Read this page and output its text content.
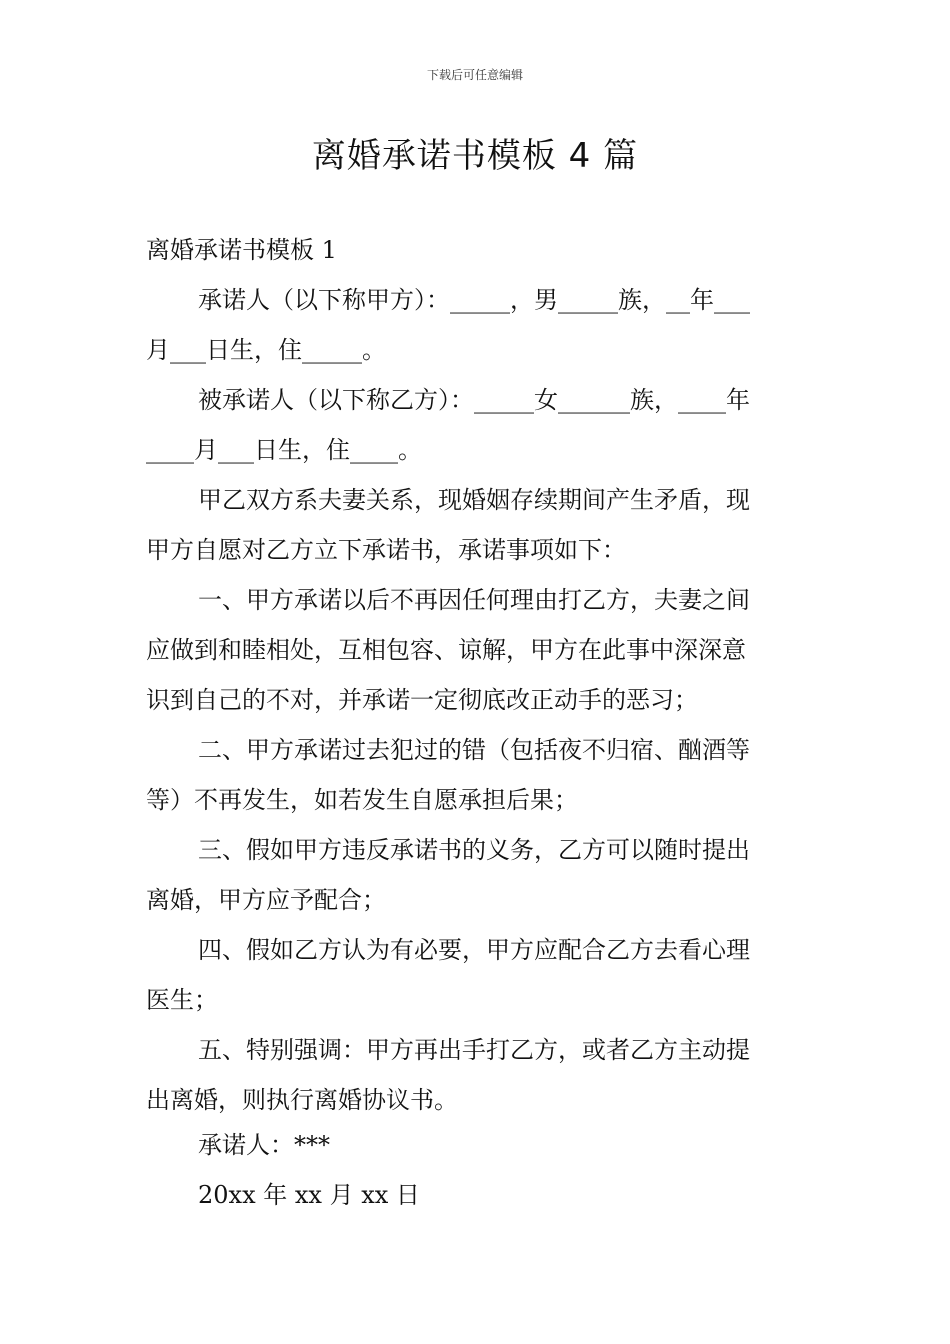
下载后可任意编辑
离婚承诺书模板 4 篇
离婚承诺书模板 1
承诺人（以下称甲方）：_____，男_____族，__年___
月___日生，住_____。
被承诺人（以下称乙方）：_____女______族，____年
____月___日生，住____。
甲乙双方系夫妻关系，现婚姻存续期间产生矛盾，现
甲方自愿对乙方立下承诺书，承诺事项如下：
一、甲方承诺以后不再因任何理由打乙方，夫妻之间
应做到和睦相处，互相包容、谅解，甲方在此事中深深意
识到自己的不对，并承诺一定彻底改正动手的恶习；
二、甲方承诺过去犯过的错（包括夜不归宿、酗酒等
等）不再发生，如若发生自愿承担后果；
三、假如甲方违反承诺书的义务，乙方可以随时提出
离婚，甲方应予配合；
四、假如乙方认为有必要，甲方应配合乙方去看心理
医生；
五、特别强调：甲方再出手打乙方，或者乙方主动提
出离婚，则执行离婚协议书。
承诺人：***
20xx 年 xx 月 xx 日
